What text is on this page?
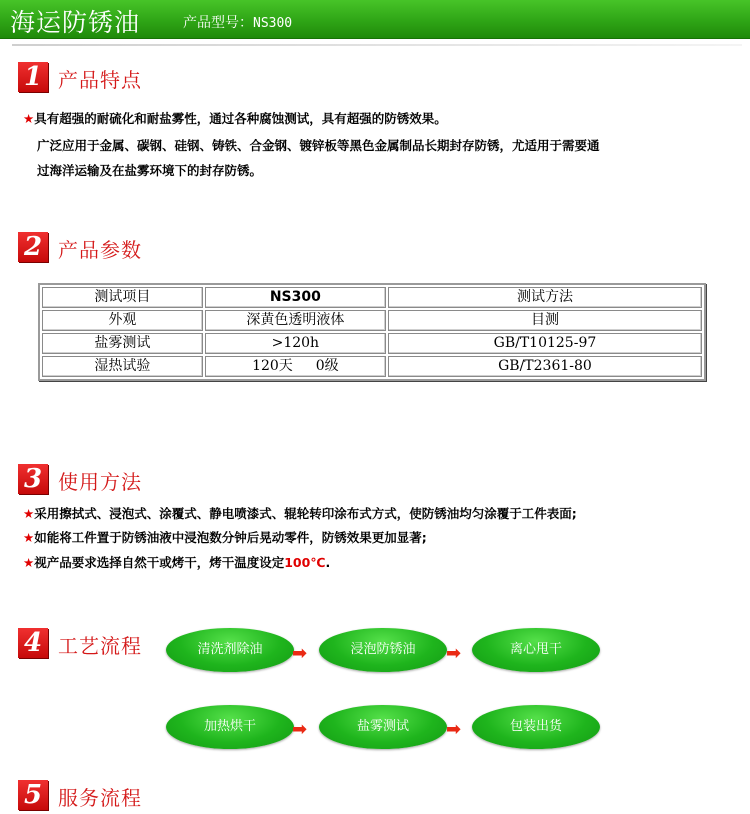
海运防锈油	产品型号：NS300
1 产品特点
★具有超强的耐硫化和耐盐雾性，通过各种腐蚀测试，具有超强的防锈效果。
广泛应用于金属、碳钢、硅钢、铸铁、合金钢、镀锌板等黑色金属制品长期封存防锈，尤适用于需要通
过海洋运输及在盐雾环境下的封存防锈。
2 产品参数
测试项目	NS300	测试方法
外观	深黄色透明液体	目测
盐雾测试	>120h	GB/T10125-97
湿热试验	120天　  0级	GB/T2361-80
3 使用方法
★采用擦拭式、浸泡式、涂覆式、静电喷漆式、辊轮转印涂布式方式，使防锈油均匀涂覆于工件表面;
★如能将工件置于防锈油液中浸泡数分钟后晃动零件，防锈效果更加显著;
★视产品要求选择自然干或烤干，烤干温度设定100℃.
4 工艺流程	清洗剂除油	➡	浸泡防锈油	➡	离心甩干
加热烘干	➡	盐雾测试	➡	包装出货
5 服务流程
